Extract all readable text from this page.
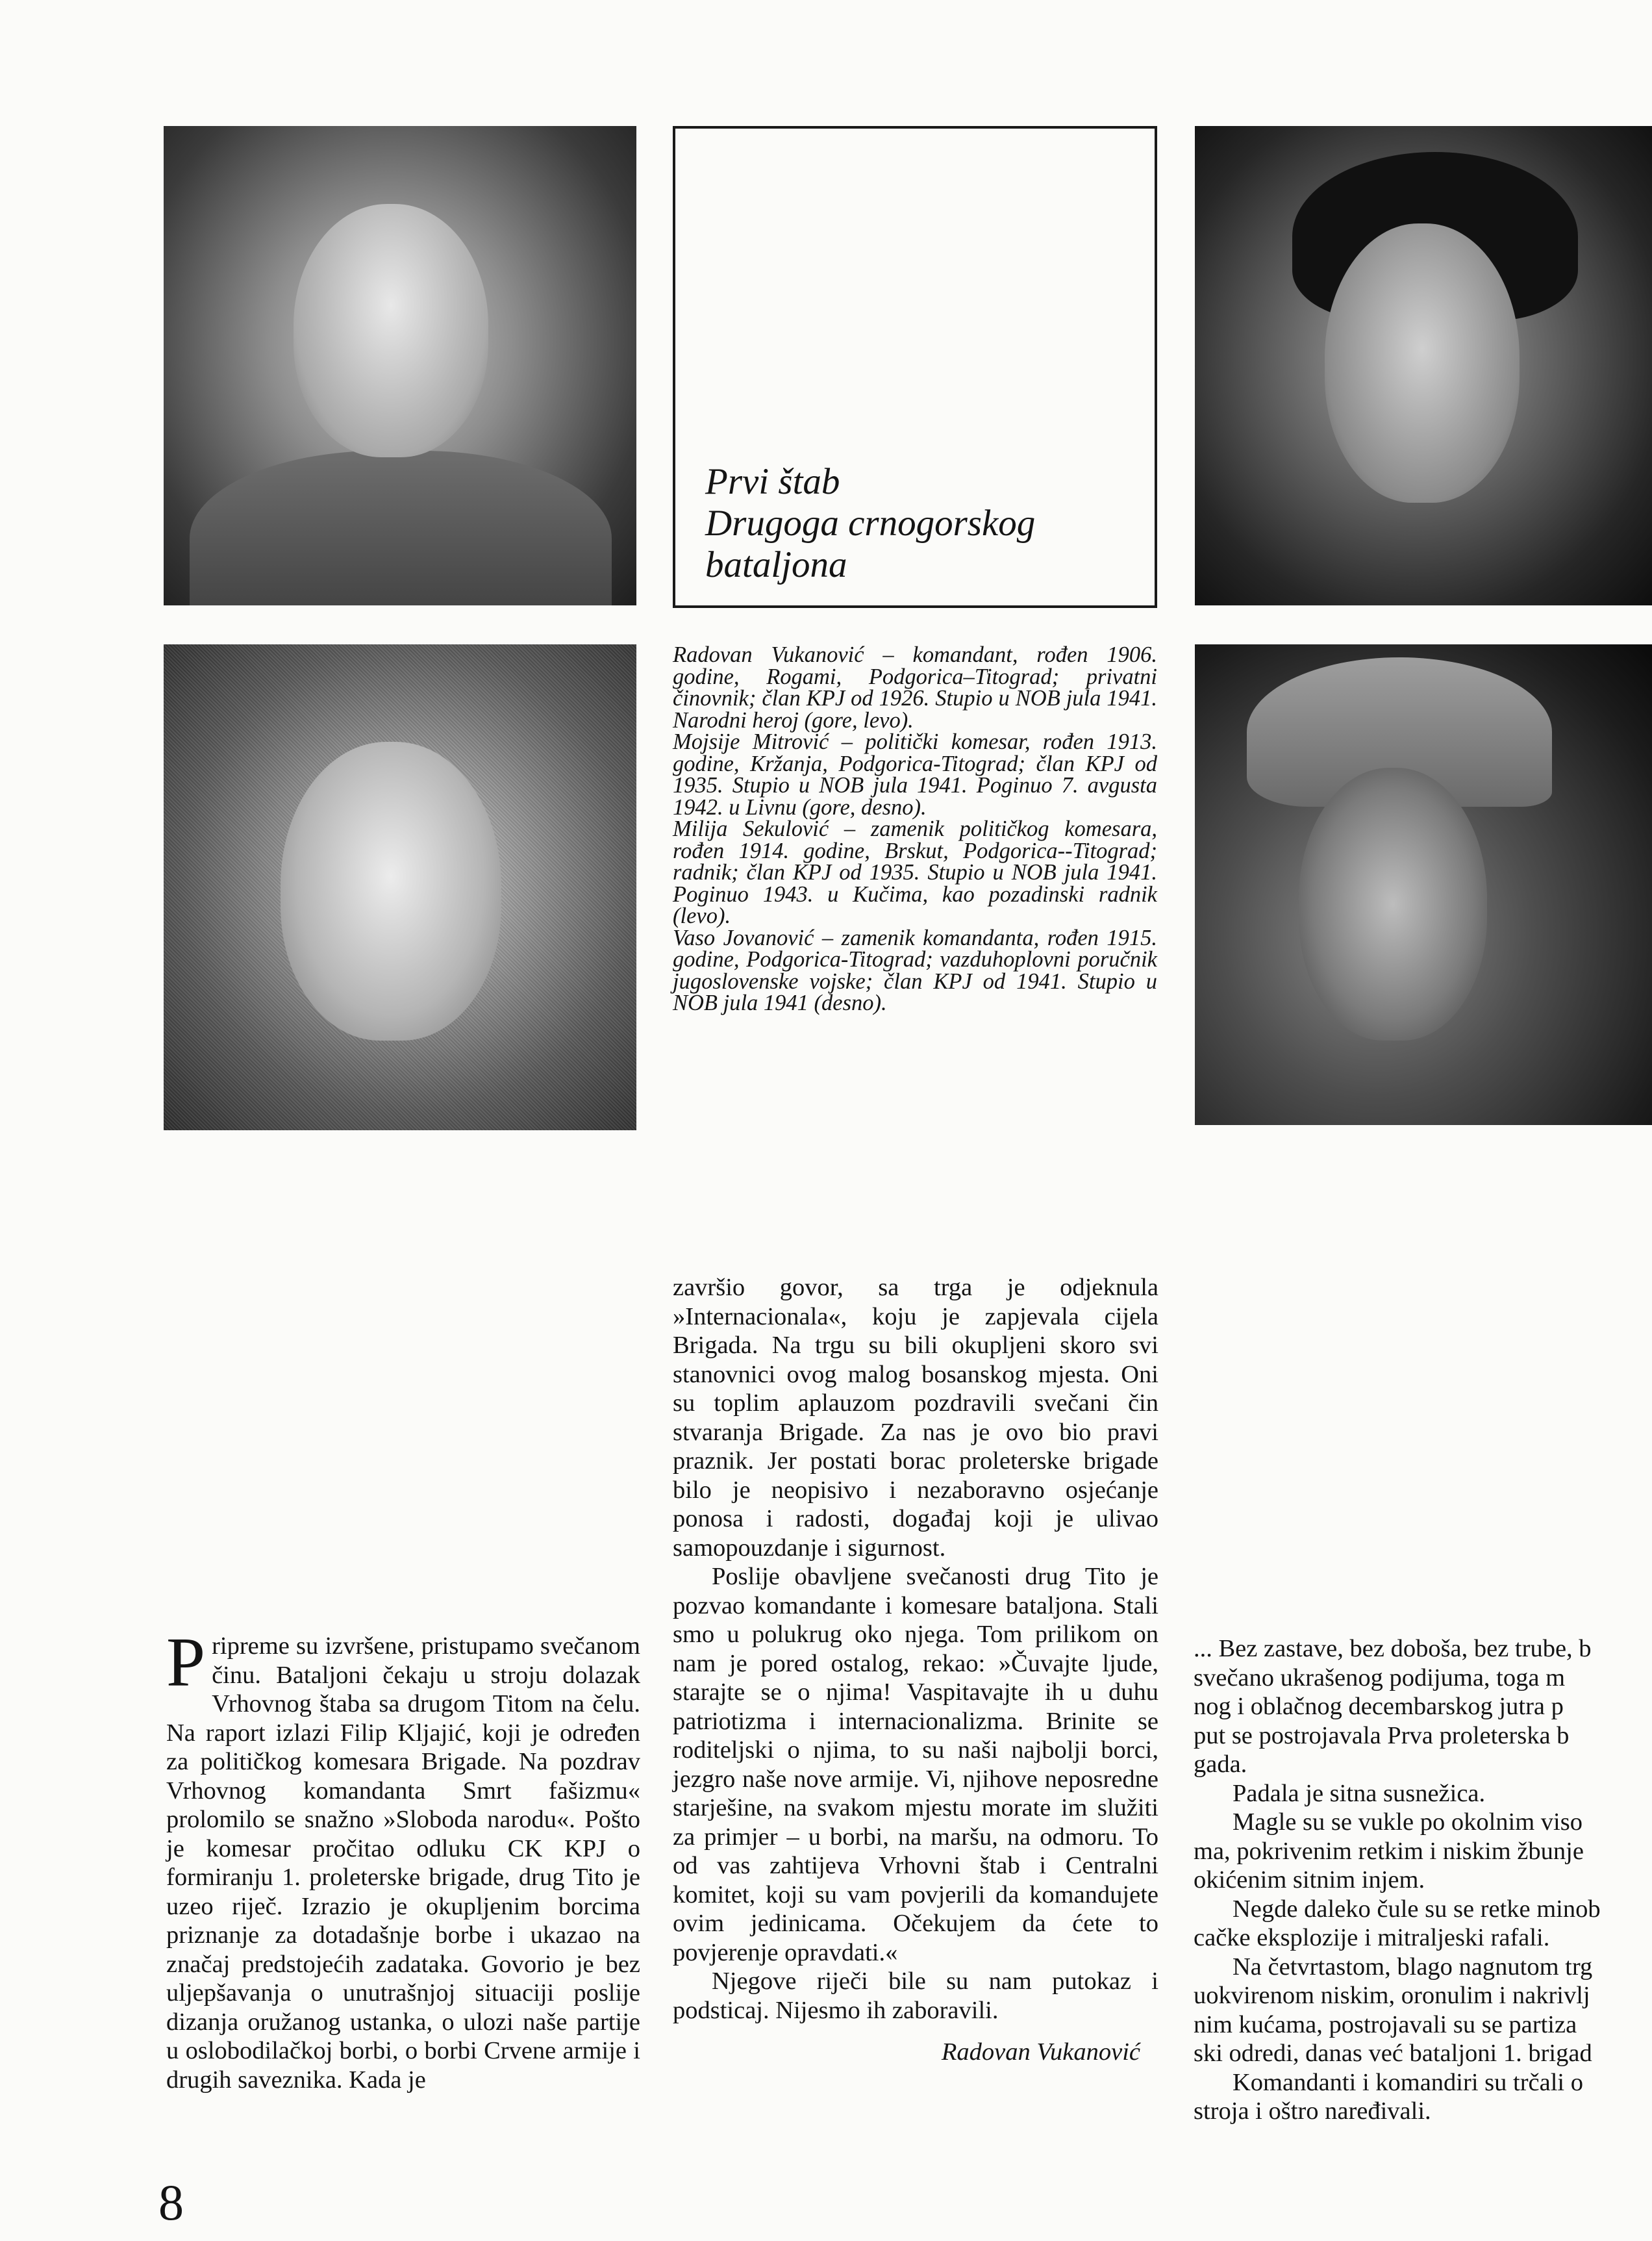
Prvi štab
Drugoga crnogorskog
bataljona

Radovan Vukanović – komandant, rođen 1906. godine, Rogami, Podgorica–Titograd; privatni činovnik; član KPJ od 1926. Stupio u NOB jula 1941. Narodni heroj (gore, levo).

Mojsije Mitrović – politički komesar, rođen 1913. godine, Kržanja, Podgorica-Titograd; član KPJ od 1935. Stupio u NOB jula 1941. Poginuo 7. avgusta 1942. u Livnu (gore, desno).

Milija Sekulović – zamenik političkog komesara, rođen 1914. godine, Brskut, Podgorica--Titograd; radnik; član KPJ od 1935. Stupio u NOB jula 1941. Poginuo 1943. u Kučima, kao pozadinski radnik (levo).

Vaso Jovanović – zamenik komandanta, rođen 1915. godine, Podgorica-Titograd; vazduhoplovni poručnik jugoslovenske vojske; član KPJ od 1941. Stupio u NOB jula 1941 (desno).

Pripreme su izvršene, pristupamo svečanom činu. Bataljoni čekaju u stroju dolazak Vrhovnog štaba sa drugom Titom na čelu. Na raport izlazi Filip Kljajić, koji je određen za političkog komesara Brigade. Na pozdrav Vrhovnog komandanta Smrt fašizmu« prolomilo se snažno »Sloboda narodu«. Pošto je komesar pročitao odluku CK KPJ o formiranju 1. proleterske brigade, drug Tito je uzeo riječ. Izrazio je okupljenim borcima priznanje za dotadašnje borbe i ukazao na značaj predstojećih zadataka. Govorio je bez uljepšavanja o unutrašnjoj situaciji poslije dizanja oružanog ustanka, o ulozi naše partije u oslobodilačkoj borbi, o borbi Crvene armije i drugih saveznika. Kada je

završio govor, sa trga je odjeknula »Internacionala«, koju je zapjevala cijela Brigada. Na trgu su bili okupljeni skoro svi stanovnici ovog malog bosanskog mjesta. Oni su toplim aplauzom pozdravili svečani čin stvaranja Brigade. Za nas je ovo bio pravi praznik. Jer postati borac proleterske brigade bilo je neopisivo i nezaboravno osjećanje ponosa i radosti, događaj koji je ulivao samopouzdanje i sigurnost.

Poslije obavljene svečanosti drug Tito je pozvao komandante i komesare bataljona. Stali smo u polukrug oko njega. Tom prilikom on nam je pored ostalog, rekao: »Čuvajte ljude, starajte se o njima! Vaspitavajte ih u duhu patriotizma i internacionalizma. Brinite se roditeljski o njima, to su naši najbolji borci, jezgro naše nove armije. Vi, njihove neposredne starješine, na svakom mjestu morate im služiti za primjer – u borbi, na maršu, na odmoru. To od vas zahtijeva Vrhovni štab i Centralni komitet, koji su vam povjerili da komandujete ovim jedinicama. Očekujem da ćete to povjerenje opravdati.«

Njegove riječi bile su nam putokaz i podsticaj. Nijesmo ih zaboravili.

Radovan Vukanović

... Bez zastave, bez doboša, bez trube, b
svečano ukrašenog podijuma, toga m
nog i oblačnog decembarskog jutra p
put se postrojavala Prva proleterska b
gada.
Padala je sitna susnežica.
Magle su se vukle po okolnim viso
ma, pokrivenim retkim i niskim žbunje
okićenim sitnim injem.
Negde daleko čule su se retke minob
cačke eksplozije i mitraljeski rafali.
Na četvrtastom, blago nagnutom trg
uokvirenom niskim, oronulim i nakrivlj
nim kućama, postrojavali su se partiza
ski odredi, danas već bataljoni 1. brigad
Komandanti i komandiri su trčali o
stroja i oštro naređivali.
8
